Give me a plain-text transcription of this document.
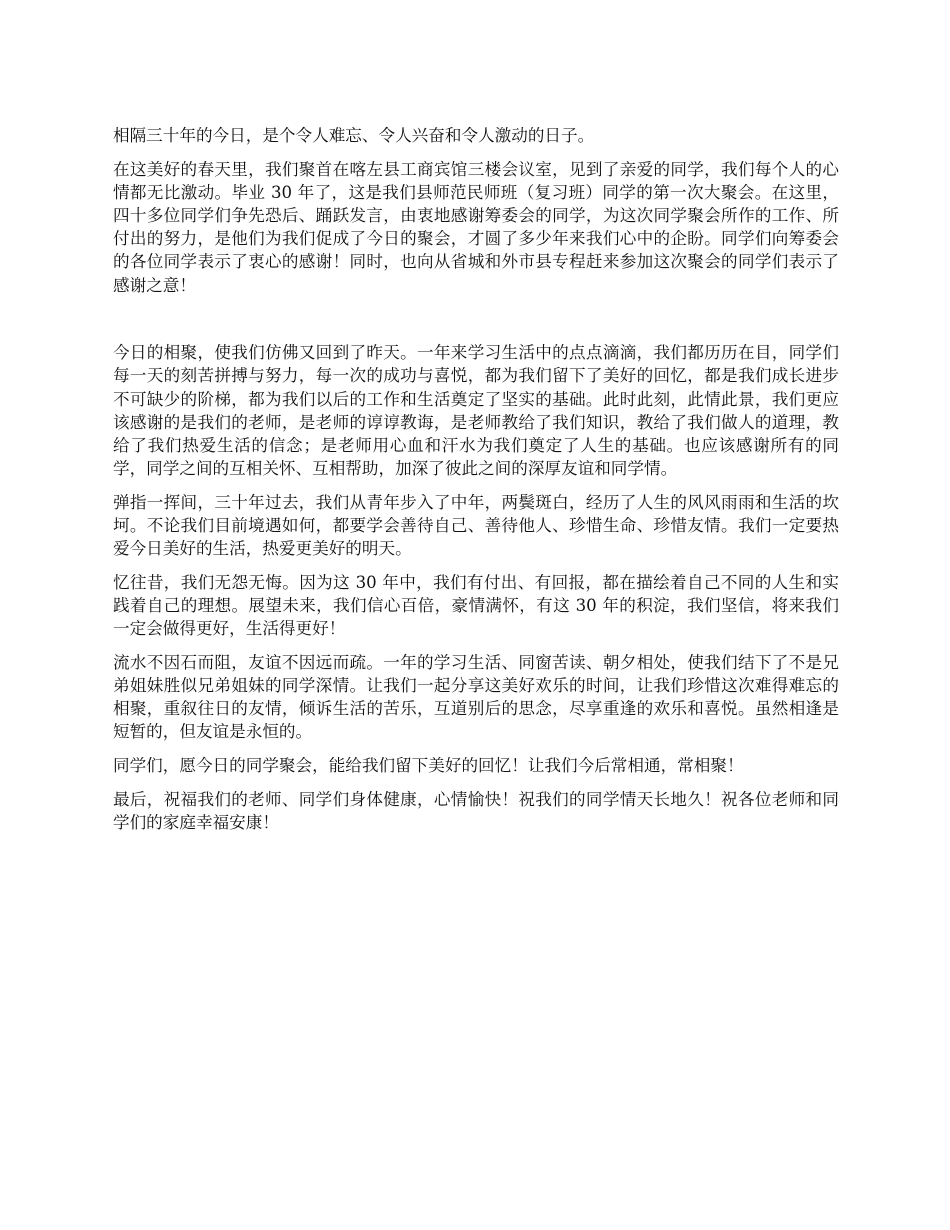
相隔三十年的今日，是个令人难忘、令人兴奋和令人激动的日子。

在这美好的春天里，我们聚首在喀左县工商宾馆三楼会议室，见到了亲爱的同学，我们每个人的心情都无比激动。毕业 30 年了，这是我们县师范民师班（复习班）同学的第一次大聚会。在这里，四十多位同学们争先恐后、踊跃发言，由衷地感谢筹委会的同学，为这次同学聚会所作的工作、所付出的努力，是他们为我们促成了今日的聚会，才圆了多少年来我们心中的企盼。同学们向筹委会的各位同学表示了衷心的感谢！同时，也向从省城和外市县专程赶来参加这次聚会的同学们表示了感谢之意！

今日的相聚，使我们仿佛又回到了昨天。一年来学习生活中的点点滴滴，我们都历历在目，同学们每一天的刻苦拼搏与努力，每一次的成功与喜悦，都为我们留下了美好的回忆，都是我们成长进步不可缺少的阶梯，都为我们以后的工作和生活奠定了坚实的基础。此时此刻，此情此景，我们更应该感谢的是我们的老师，是老师的谆谆教诲，是老师教给了我们知识，教给了我们做人的道理，教给了我们热爱生活的信念；是老师用心血和汗水为我们奠定了人生的基础。也应该感谢所有的同学，同学之间的互相关怀、互相帮助，加深了彼此之间的深厚友谊和同学情。

弹指一挥间，三十年过去，我们从青年步入了中年，两鬓斑白，经历了人生的风风雨雨和生活的坎坷。不论我们目前境遇如何，都要学会善待自己、善待他人、珍惜生命、珍惜友情。我们一定要热爱今日美好的生活，热爱更美好的明天。

忆往昔，我们无怨无悔。因为这 30 年中，我们有付出、有回报，都在描绘着自己不同的人生和实践着自己的理想。展望未来，我们信心百倍，豪情满怀，有这 30 年的积淀，我们坚信，将来我们一定会做得更好，生活得更好！

流水不因石而阻，友谊不因远而疏。一年的学习生活、同窗苦读、朝夕相处，使我们结下了不是兄弟姐妹胜似兄弟姐妹的同学深情。让我们一起分享这美好欢乐的时间，让我们珍惜这次难得难忘的相聚，重叙往日的友情，倾诉生活的苦乐，互道别后的思念，尽享重逢的欢乐和喜悦。虽然相逢是短暂的，但友谊是永恒的。

同学们，愿今日的同学聚会，能给我们留下美好的回忆！让我们今后常相通，常相聚！

最后，祝福我们的老师、同学们身体健康，心情愉快！祝我们的同学情天长地久！祝各位老师和同学们的家庭幸福安康！
